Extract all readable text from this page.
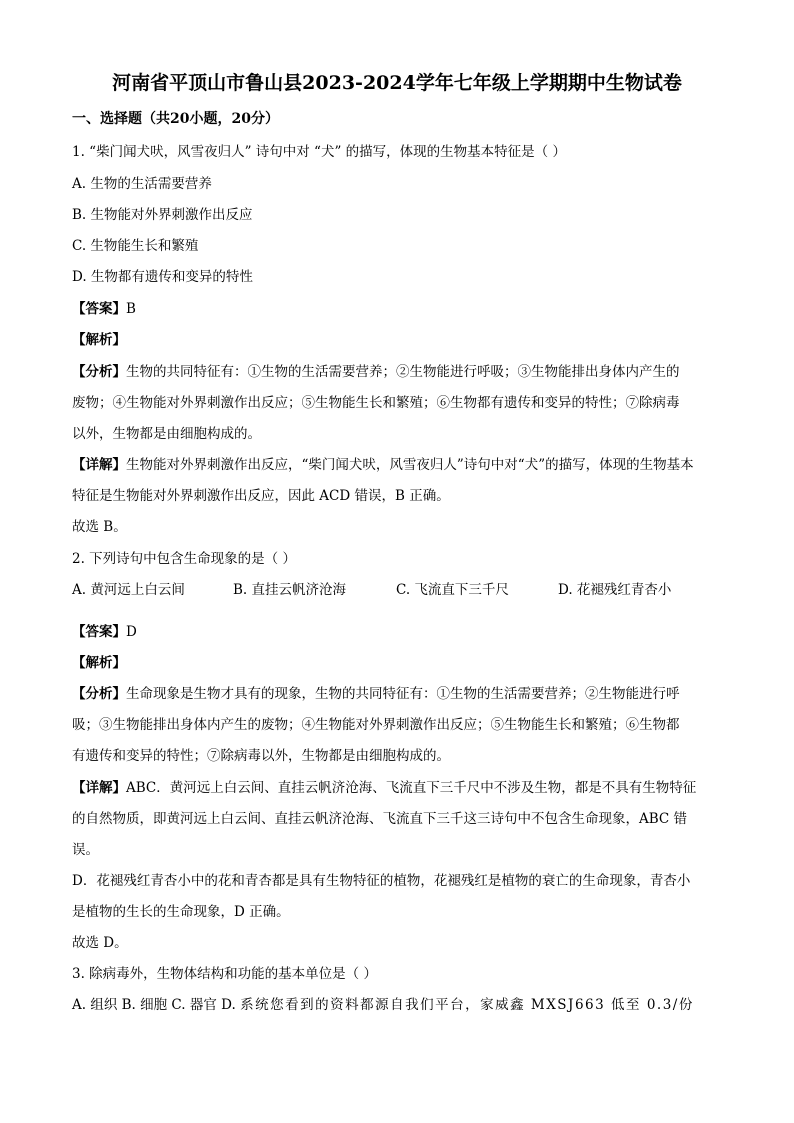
河南省平顶山市鲁山县2023-2024学年七年级上学期期中生物试卷
一、选择题（共20小题，20分）
1. “柴门闻犬吠，风雪夜归人” 诗句中对 “犬” 的描写，体现的生物基本特征是（ ）
A. 生物的生活需要营养
B. 生物能对外界刺激作出反应
C. 生物能生长和繁殖
D. 生物都有遗传和变异的特性
【答案】B
【解析】
【分析】生物的共同特征有：①生物的生活需要营养；②生物能进行呼吸；③生物能排出身体内产生的
废物；④生物能对外界刺激作出反应；⑤生物能生长和繁殖；⑥生物都有遗传和变异的特性；⑦除病毒
以外，生物都是由细胞构成的。
【详解】生物能对外界刺激作出反应，“柴门闻犬吠，风雪夜归人”诗句中对“犬”的描写，体现的生物基本
特征是生物能对外界刺激作出反应，因此 ACD 错误，B 正确。
故选 B。
2. 下列诗句中包含生命现象的是（ ）
A. 黄河远上白云间	B. 直挂云帆济沧海	C. 飞流直下三千尺	D. 花褪残红青杏小
【答案】D
【解析】
【分析】生命现象是生物才具有的现象，生物的共同特征有：①生物的生活需要营养；②生物能进行呼
吸；③生物能排出身体内产生的废物；④生物能对外界刺激作出反应；⑤生物能生长和繁殖；⑥生物都
有遗传和变异的特性；⑦除病毒以外，生物都是由细胞构成的。
【详解】ABC．黄河远上白云间、直挂云帆济沧海、飞流直下三千尺中不涉及生物，都是不具有生物特征
的自然物质，即黄河远上白云间、直挂云帆济沧海、飞流直下三千这三诗句中不包含生命现象，ABC 错
误。
D．花褪残红青杏小中的花和青杏都是具有生物特征的植物，花褪残红是植物的衰亡的生命现象，青杏小
是植物的生长的生命现象，D 正确。
故选 D。
3. 除病毒外，生物体结构和功能的基本单位是（ ）
A. 组织 B. 细胞 C. 器官 D. 系统您看到的资料都源自我们平台，家威鑫 MXSJ663 低至 0.3/份
